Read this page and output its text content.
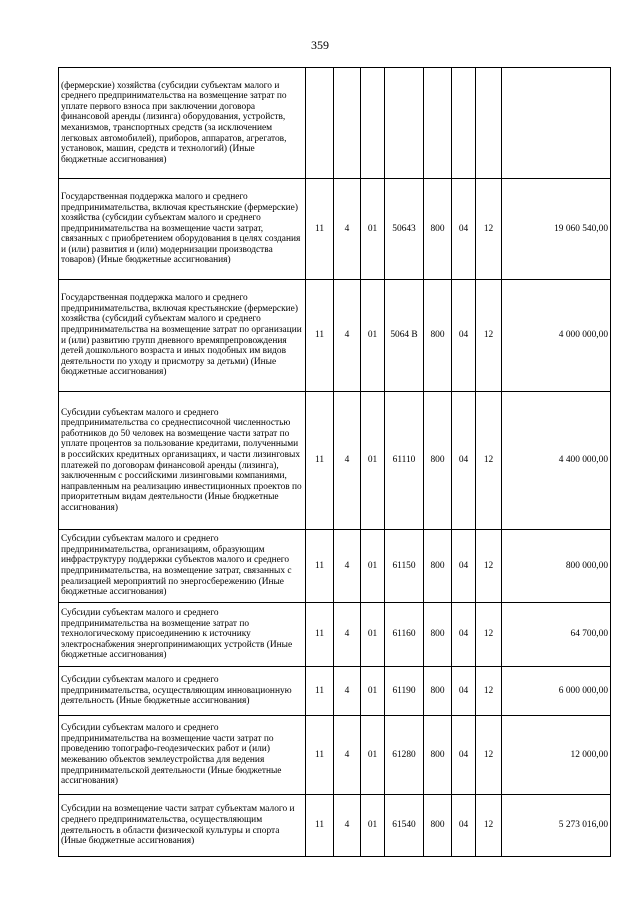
359
(фермерские) хозяйства (субсидии субъектам малого и среднего предпринимательства на возмещение затрат по уплате первого взноса при заключении договора финансовой аренды (лизинга) оборудования, устройств, механизмов, транспортных средств (за исключением легковых автомобилей), приборов, аппаратов, агрегатов, установок, машин, средств и технологий) (Иные бюджетные ассигнования)								
Государственная поддержка малого и среднего предпринимательства, включая крестьянские (фермерские) хозяйства (субсидии субъектам малого и среднего предпринимательства на возмещение части затрат, связанных с приобретением оборудования в целях создания и (или) развития и (или) модернизации производства товаров) (Иные бюджетные ассигнования)	11	4	01	50643	800	04	12	19 060 540,00
Государственная поддержка малого и среднего предпринимательства, включая крестьянские (фермерские) хозяйства (субсидий субъектам малого и среднего предпринимательства на возмещение затрат по организации и (или) развитию групп дневного времяпрепровождения детей дошкольного возраста и иных подобных им видов деятельности по уходу и присмотру за детьми) (Иные бюджетные ассигнования)	11	4	01	5064 В	800	04	12	4 000 000,00
Субсидии субъектам малого и среднего предпринимательства со среднесписочной численностью работников до 50 человек на возмещение части затрат по уплате процентов за пользование кредитами, полученными в российских кредитных организациях, и части лизинговых платежей по договорам финансовой аренды (лизинга), заключенным с российскими лизинговыми компаниями, направленным на реализацию инвестиционных проектов по приоритетным видам деятельности (Иные бюджетные ассигнования)	11	4	01	61110	800	04	12	4 400 000,00
Субсидии субъектам малого и среднего предпринимательства, организациям, образующим инфраструктуру поддержки субъектов малого и среднего предпринимательства, на возмещение затрат, связанных с реализацией мероприятий по энергосбережению (Иные бюджетные ассигнования)	11	4	01	61150	800	04	12	800 000,00
Субсидии субъектам малого и среднего предпринимательства на возмещение затрат по технологическому присоединению к источнику электроснабжения энергопринимающих устройств (Иные бюджетные ассигнования)	11	4	01	61160	800	04	12	64 700,00
Субсидии субъектам малого и среднего предпринимательства, осуществляющим инновационную деятельность (Иные бюджетные ассигнования)	11	4	01	61190	800	04	12	6 000 000,00
Субсидии субъектам малого и среднего предпринимательства на возмещение части затрат по проведению топографо-геодезических работ и (или) межеванию объектов землеустройства для ведения предпринимательской деятельности (Иные бюджетные ассигнования)	11	4	01	61280	800	04	12	12 000,00
Субсидии на возмещение части затрат субъектам малого и среднего предпринимательства, осуществляющим деятельность в области физической культуры и спорта (Иные бюджетные ассигнования)	11	4	01	61540	800	04	12	5 273 016,00
